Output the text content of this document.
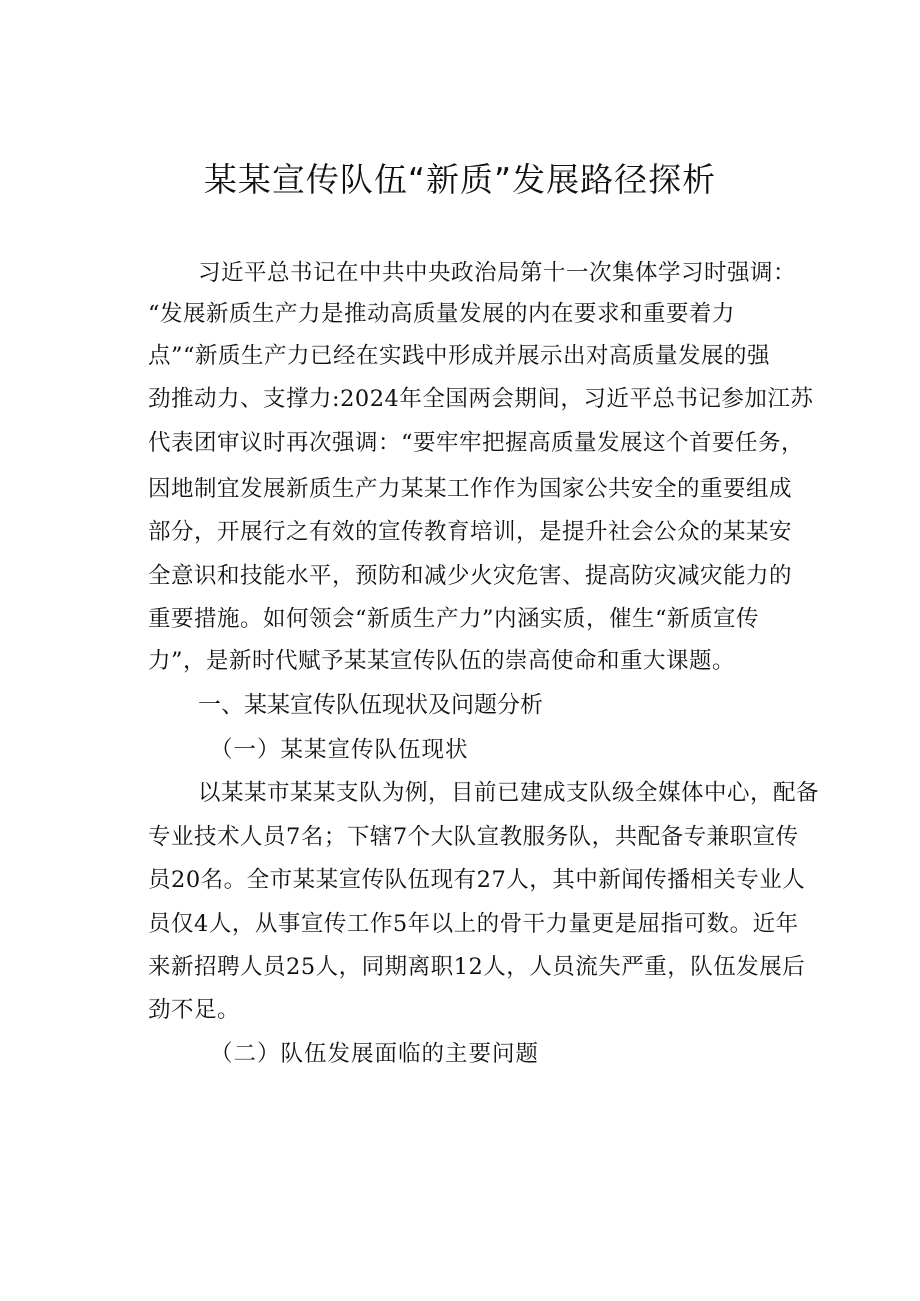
某某宣传队伍“新质”发展路径探析
习近平总书记在中共中央政治局第十一次集体学习时强调：
“发展新质生产力是推动高质量发展的内在要求和重要着力
点”“新质生产力已经在实践中形成并展示出对高质量发展的强
劲推动力、支撑力:2024年全国两会期间，习近平总书记参加江苏
代表团审议时再次强调：“要牢牢把握高质量发展这个首要任务，
因地制宜发展新质生产力某某工作作为国家公共安全的重要组成
部分，开展行之有效的宣传教育培训，是提升社会公众的某某安
全意识和技能水平，预防和减少火灾危害、提高防灾减灾能力的
重要措施。如何领会“新质生产力”内涵实质，催生“新质宣传
力”，是新时代赋予某某宣传队伍的崇高使命和重大课题。
一、某某宣传队伍现状及问题分析
（一）某某宣传队伍现状
以某某市某某支队为例，目前已建成支队级全媒体中心，配备
专业技术人员7名；下辖7个大队宣教服务队，共配备专兼职宣传
员20名。全市某某宣传队伍现有27人，其中新闻传播相关专业人
员仅4人，从事宣传工作5年以上的骨干力量更是屈指可数。近年
来新招聘人员25人，同期离职12人，人员流失严重，队伍发展后
劲不足。
（二）队伍发展面临的主要问题
